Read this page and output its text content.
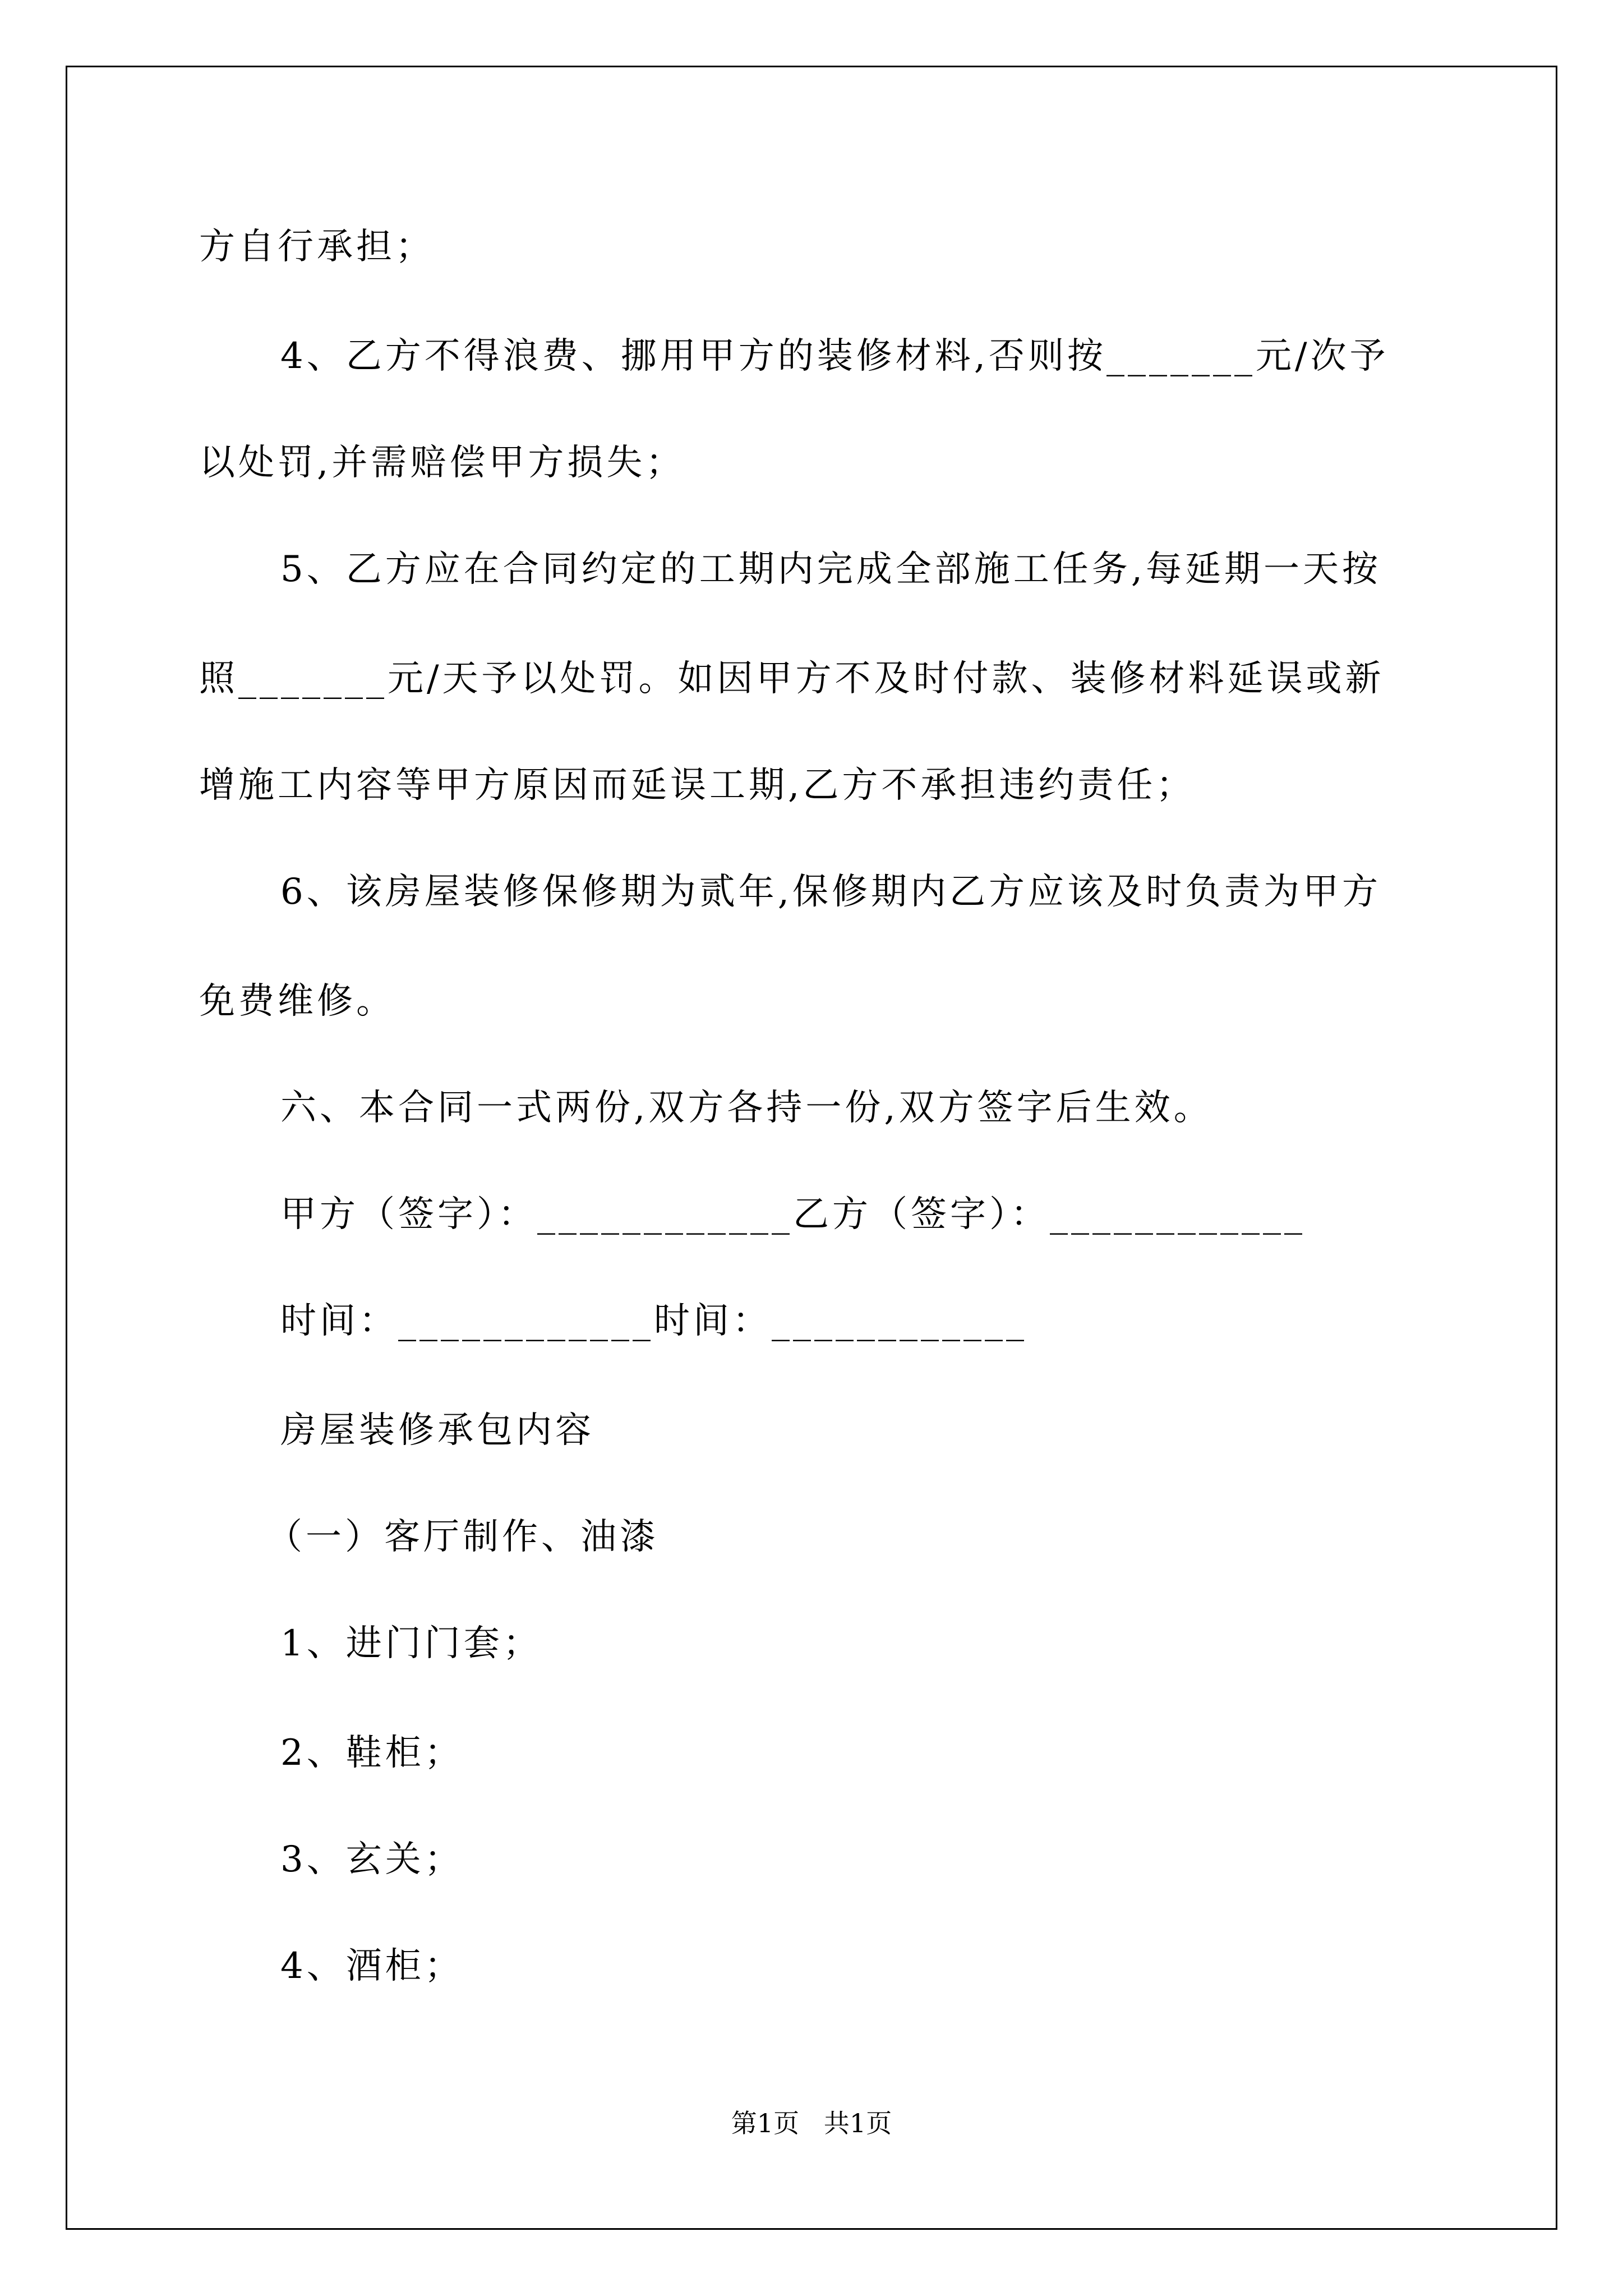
方自行承担；
4、乙方不得浪费、挪用甲方的装修材料,否则按_______元/次予
以处罚,并需赔偿甲方损失；
5、乙方应在合同约定的工期内完成全部施工任务,每延期一天按
照_______元/天予以处罚。如因甲方不及时付款、装修材料延误或新
增施工内容等甲方原因而延误工期,乙方不承担违约责任；
6、该房屋装修保修期为贰年,保修期内乙方应该及时负责为甲方
免费维修。
六、本合同一式两份,双方各持一份,双方签字后生效。
甲方（签字）：____________乙方（签字）：____________
时间：____________时间：____________
房屋装修承包内容
（一）客厅制作、油漆
1、进门门套；
2、鞋柜；
3、玄关；
4、酒柜；
第1页   共1页
